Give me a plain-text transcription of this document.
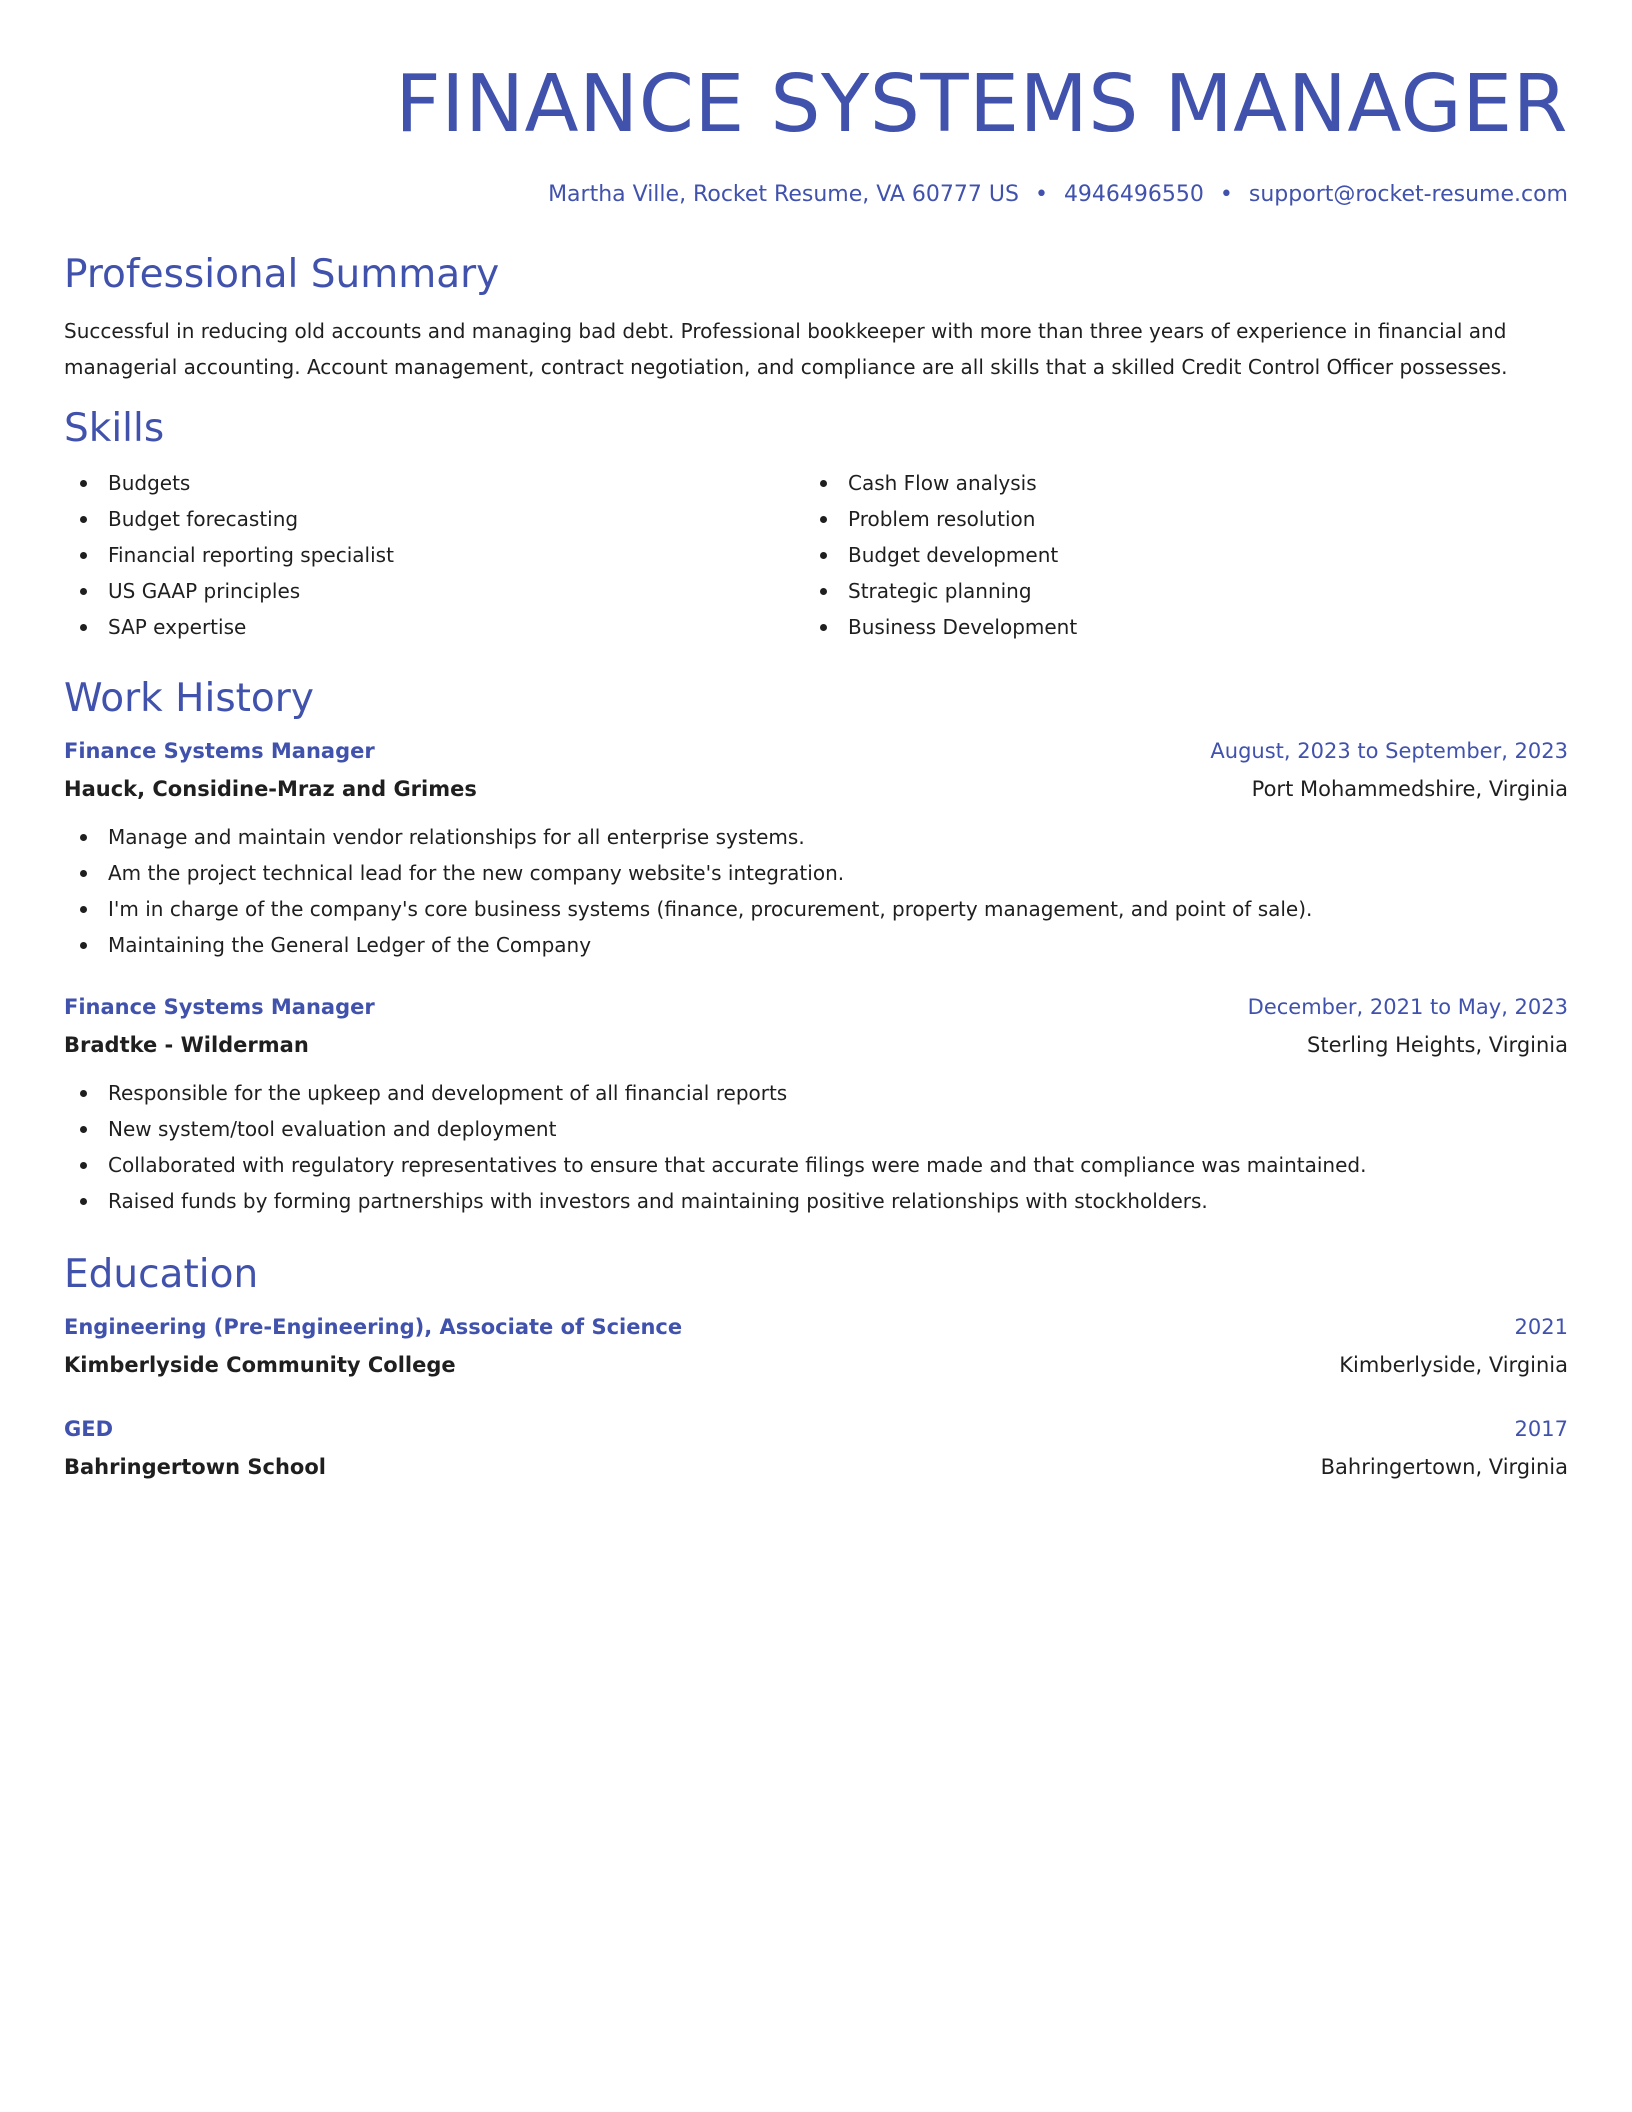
FINANCE SYSTEMS MANAGER
Martha Ville, Rocket Resume, VA 60777 US • 4946496550 • support@rocket-resume.com
Professional Summary

Successful in reducing old accounts and managing bad debt. Professional bookkeeper with more than three years of experience in financial and managerial accounting. Account management, contract negotiation, and compliance are all skills that a skilled Credit Control Officer possesses.

Skills
Budgets
Budget forecasting
Financial reporting specialist
US GAAP principles
SAP expertise
Cash Flow analysis
Problem resolution
Budget development
Strategic planning
Business Development
Work History
Finance Systems Manager	August, 2023 to September, 2023
Hauck, Considine-Mraz and Grimes	Port Mohammedshire, Virginia
Manage and maintain vendor relationships for all enterprise systems.
Am the project technical lead for the new company website's integration.
I'm in charge of the company's core business systems (finance, procurement, property management, and point of sale).
Maintaining the General Ledger of the Company
Finance Systems Manager	December, 2021 to May, 2023
Bradtke - Wilderman	Sterling Heights, Virginia
Responsible for the upkeep and development of all financial reports
New system/tool evaluation and deployment
Collaborated with regulatory representatives to ensure that accurate filings were made and that compliance was maintained.
Raised funds by forming partnerships with investors and maintaining positive relationships with stockholders.
Education
Engineering (Pre-Engineering), Associate of Science	2021
Kimberlyside Community College	Kimberlyside, Virginia
GED	2017
Bahringertown School	Bahringertown, Virginia
